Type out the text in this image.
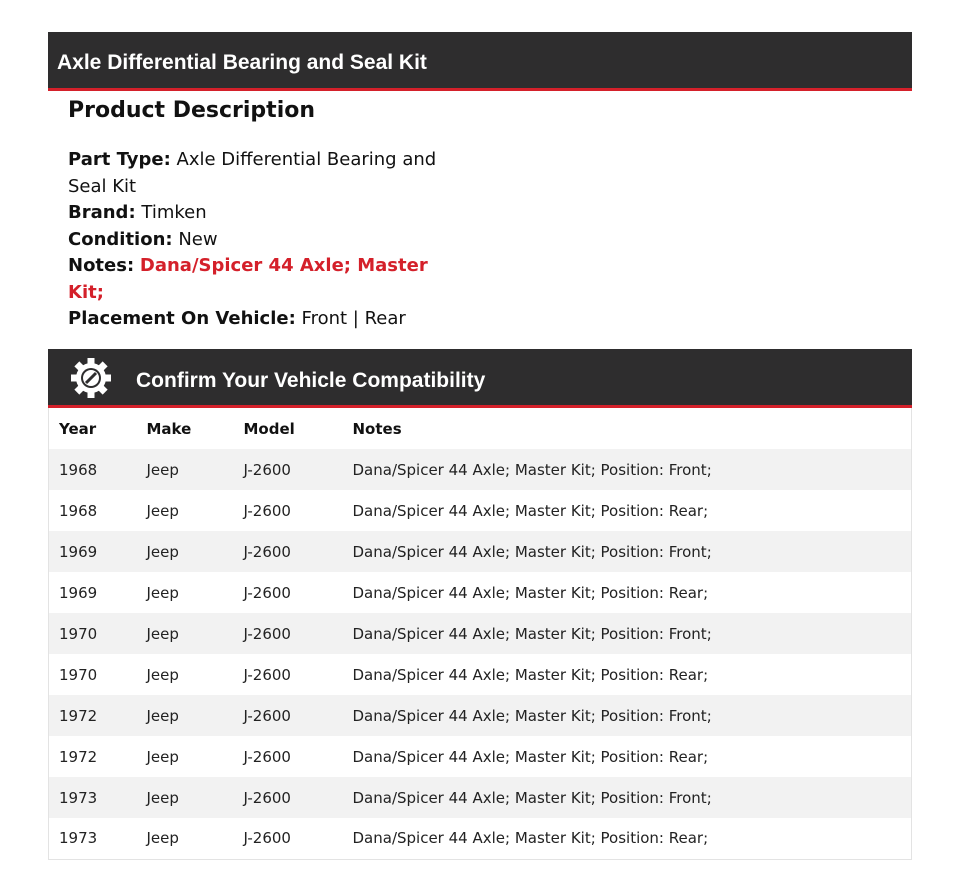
Axle Differential Bearing and Seal Kit
Product Description
Part Type: Axle Differential Bearing and Seal Kit
Brand: Timken
Condition: New
Notes: Dana/Spicer 44 Axle; Master Kit;
Placement On Vehicle: Front | Rear
Confirm Your Vehicle Compatibility
Year	Make	Model	Notes
1968	Jeep	J-2600	Dana/Spicer 44 Axle; Master Kit; Position: Front;
1968	Jeep	J-2600	Dana/Spicer 44 Axle; Master Kit; Position: Rear;
1969	Jeep	J-2600	Dana/Spicer 44 Axle; Master Kit; Position: Front;
1969	Jeep	J-2600	Dana/Spicer 44 Axle; Master Kit; Position: Rear;
1970	Jeep	J-2600	Dana/Spicer 44 Axle; Master Kit; Position: Front;
1970	Jeep	J-2600	Dana/Spicer 44 Axle; Master Kit; Position: Rear;
1972	Jeep	J-2600	Dana/Spicer 44 Axle; Master Kit; Position: Front;
1972	Jeep	J-2600	Dana/Spicer 44 Axle; Master Kit; Position: Rear;
1973	Jeep	J-2600	Dana/Spicer 44 Axle; Master Kit; Position: Front;
1973	Jeep	J-2600	Dana/Spicer 44 Axle; Master Kit; Position: Rear;
